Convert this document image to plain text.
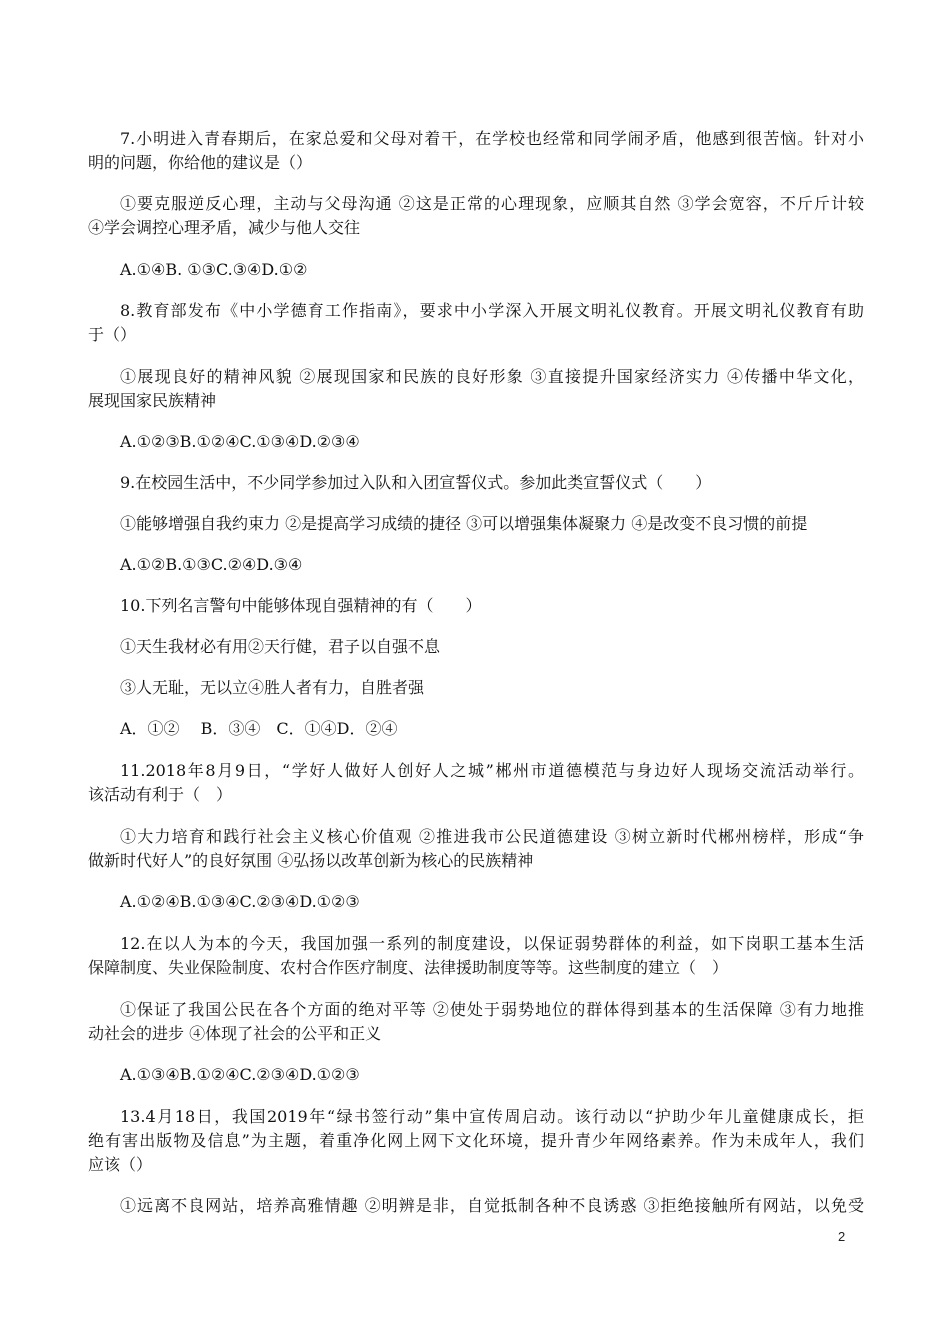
7.小明进入青春期后，在家总爱和父母对着干，在学校也经常和同学闹矛盾，他感到很苦恼。针对小
明的问题，你给他的建议是（）
①要克服逆反心理，主动与父母沟通 ②这是正常的心理现象，应顺其自然 ③学会宽容，不斤斤计较
④学会调控心理矛盾，减少与他人交往
A.①④B. ①③C.③④D.①②
8.教育部发布《中小学德育工作指南》，要求中小学深入开展文明礼仪教育。开展文明礼仪教育有助
于（）
①展现良好的精神风貌 ②展现国家和民族的良好形象 ③直接提升国家经济实力 ④传播中华文化，
展现国家民族精神
A.①②③B.①②④C.①③④D.②③④
9.在校园生活中，不少同学参加过入队和入团宣誓仪式。参加此类宣誓仪式（　　）
①能够增强自我约束力 ②是提高学习成绩的捷径 ③可以增强集体凝聚力 ④是改变不良习惯的前提
A.①②B.①③C.②④D.③④
10.下列名言警句中能够体现自强精神的有（　　）
①天生我材必有用②天行健，君子以自强不息
③人无耻，无以立④胜人者有力，自胜者强
A．①②　 B．③④　C．①④D．②④
11.2018年8月9日，“学好人做好人创好人之城”郴州市道德模范与身边好人现场交流活动举行。
该活动有利于（　）
①大力培育和践行社会主义核心价值观 ②推进我市公民道德建设 ③树立新时代郴州榜样，形成“争
做新时代好人”的良好氛围 ④弘扬以改革创新为核心的民族精神
A.①②④B.①③④C.②③④D.①②③
12.在以人为本的今天，我国加强一系列的制度建设，以保证弱势群体的利益，如下岗职工基本生活
保障制度、失业保险制度、农村合作医疗制度、法律援助制度等等。这些制度的建立（　）
①保证了我国公民在各个方面的绝对平等 ②使处于弱势地位的群体得到基本的生活保障 ③有力地推
动社会的进步 ④体现了社会的公平和正义
A.①③④B.①②④C.②③④D.①②③
13.4月18日，我国2019年“绿书签行动”集中宣传周启动。该行动以“护助少年儿童健康成长，拒
绝有害出版物及信息”为主题，着重净化网上网下文化环境，提升青少年网络素养。作为未成年人，我们
应该（）
①远离不良网站，培养高雅情趣 ②明辨是非，自觉抵制各种不良诱惑 ③拒绝接触所有网站，以免受
2
